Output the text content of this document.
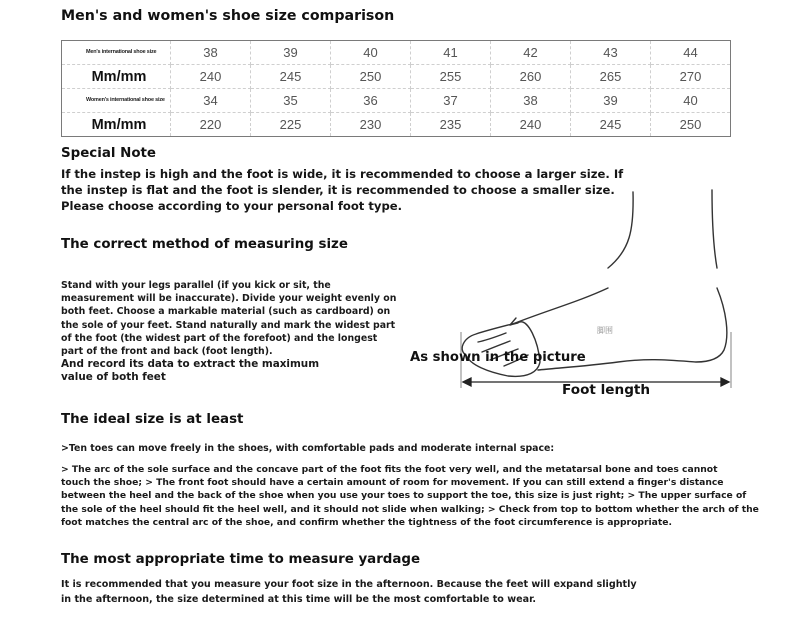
Men's and women's shoe size comparison
Men's international shoe size	38	39	40	41	42	43	44

Mm/mm	240	245	250	255	260	265	270

Women's international shoe size	34	35	36	37	38	39	40

Mm/mm	220	225	230	235	240	245	250
Special Note
If the instep is high and the foot is wide, it is recommended to choose a larger size. If
the instep is flat and the foot is slender, it is recommended to choose a smaller size.
Please choose according to your personal foot type.
The correct method of measuring size
Stand with your legs parallel (if you kick or sit, the
measurement will be inaccurate). Divide your weight evenly on
both feet. Choose a markable material (such as cardboard) on
the sole of your feet. Stand naturally and mark the widest part
of the foot (the widest part of the forefoot) and the longest
part of the front and back (foot length).
And record its data to extract the maximum
value of both feet
脚围
As shown in the picture
Foot length
The ideal size is at least
>Ten toes can move freely in the shoes, with comfortable pads and moderate internal space:
> The arc of the sole surface and the concave part of the foot fits the foot very well, and the metatarsal bone and toes cannot
touch the shoe; > The front foot should have a certain amount of room for movement. If you can still extend a finger's distance
between the heel and the back of the shoe when you use your toes to support the toe, this size is just right; > The upper surface of
the sole of the heel should fit the heel well, and it should not slide when walking; > Check from top to bottom whether the arch of the
foot matches the central arc of the shoe, and confirm whether the tightness of the foot circumference is appropriate.
The most appropriate time to measure yardage
It is recommended that you measure your foot size in the afternoon. Because the feet will expand slightly
in the afternoon, the size determined at this time will be the most comfortable to wear.
